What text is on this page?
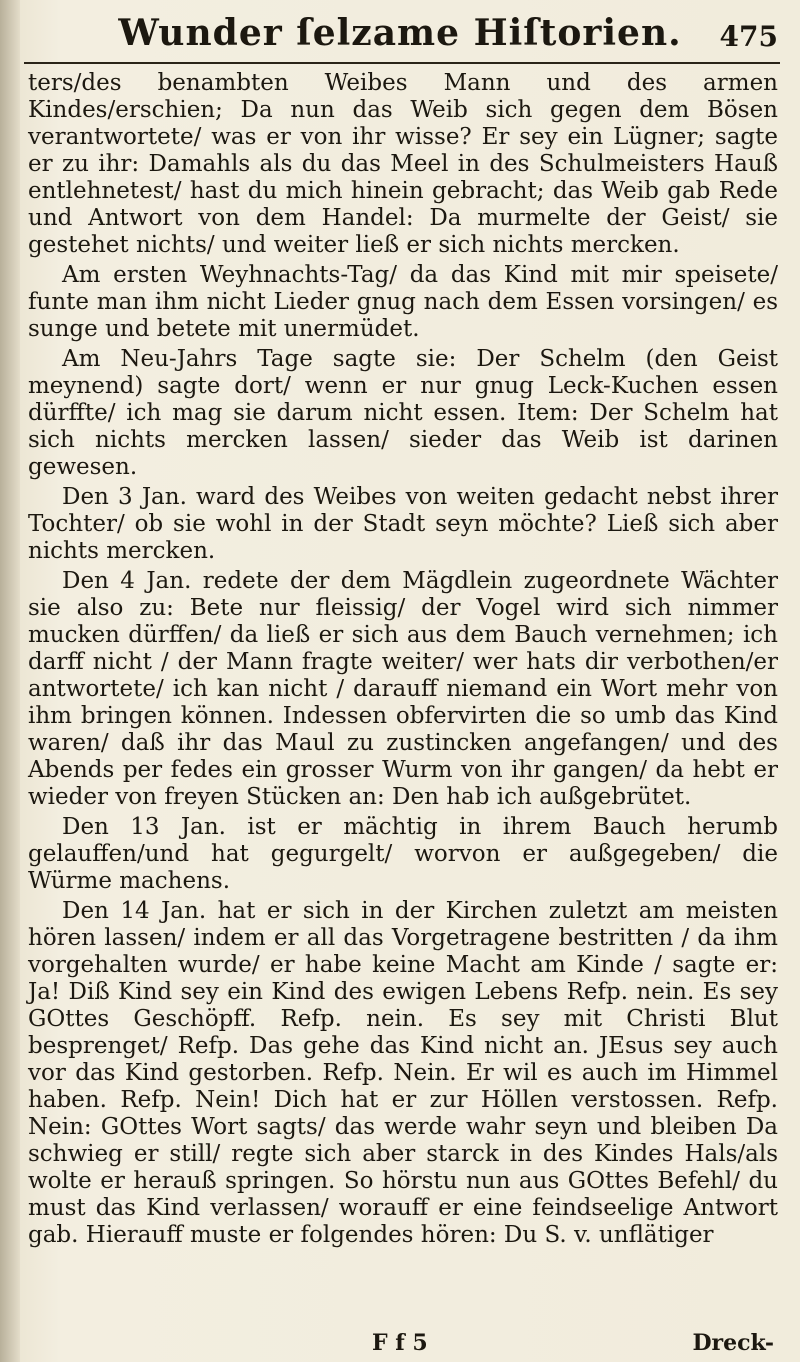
Wunder ſelzame Hiſtorien.	475

ters/des benambten Weibes Mann und des armen Kindes/erschien; Da nun das Weib sich gegen dem Bösen verantwortete/ was er von ihr wisse? Er sey ein Lügner; sagte er zu ihr: Damahls als du das Meel in des Schulmeisters Hauß entlehnetest/ hast du mich hinein gebracht; das Weib gab Rede und Antwort von dem Handel: Da murmelte der Geist/ sie gestehet nichts/ und weiter ließ er sich nichts mercken.

Am ersten Weyhnachts-Tag/ da das Kind mit mir speisete/ funte man ihm nicht Lieder gnug nach dem Essen vorsingen/ es sunge und betete mit unermüdet.

Am Neu-Jahrs Tage sagte sie: Der Schelm (den Geist meynend) sagte dort/ wenn er nur gnug Leck-Kuchen essen dürffte/ ich mag sie darum nicht essen. Item: Der Schelm hat sich nichts mercken lassen/ sieder das Weib ist darinen gewesen.

Den 3 Jan. ward des Weibes von weiten gedacht nebst ihrer Tochter/ ob sie wohl in der Stadt seyn möchte? Ließ sich aber nichts mercken.

Den 4 Jan. redete der dem Mägdlein zugeordnete Wächter sie also zu: Bete nur fleissig/ der Vogel wird sich nimmer mucken dürffen/ da ließ er sich aus dem Bauch vernehmen; ich darff nicht / der Mann fragte weiter/ wer hats dir verbothen/er antwortete/ ich kan nicht / darauff niemand ein Wort mehr von ihm bringen können. Indessen obfervirten die so umb das Kind waren/ daß ihr das Maul zu zustincken angefangen/ und des Abends per fedes ein grosser Wurm von ihr gangen/ da hebt er wieder von freyen Stücken an: Den hab ich außgebrütet.

Den 13 Jan. ist er mächtig in ihrem Bauch herumb gelauffen/und hat gegurgelt/ worvon er außgegeben/ die Würme machens.

Den 14 Jan. hat er sich in der Kirchen zuletzt am meisten hören lassen/ indem er all das Vorgetragene bestritten / da ihm vorgehalten wurde/ er habe keine Macht am Kinde / sagte er: Ja! Diß Kind sey ein Kind des ewigen Lebens Refp. nein. Es sey GOttes Geschöpff. Refp. nein. Es sey mit Christi Blut besprenget/ Refp. Das gehe das Kind nicht an. JEsus sey auch vor das Kind gestorben. Refp. Nein. Er wil es auch im Himmel haben. Refp. Nein! Dich hat er zur Höllen verstossen. Refp. Nein: GOttes Wort sagts/ das werde wahr seyn und bleiben Da schwieg er still/ regte sich aber starck in des Kindes Hals/als wolte er herauß springen. So hörstu nun aus GOttes Befehl/ du must das Kind verlassen/ worauff er eine feindseelige Antwort gab. Hierauff muste er folgendes hören: Du S. v. unflätiger

F f 5	Dreck-
